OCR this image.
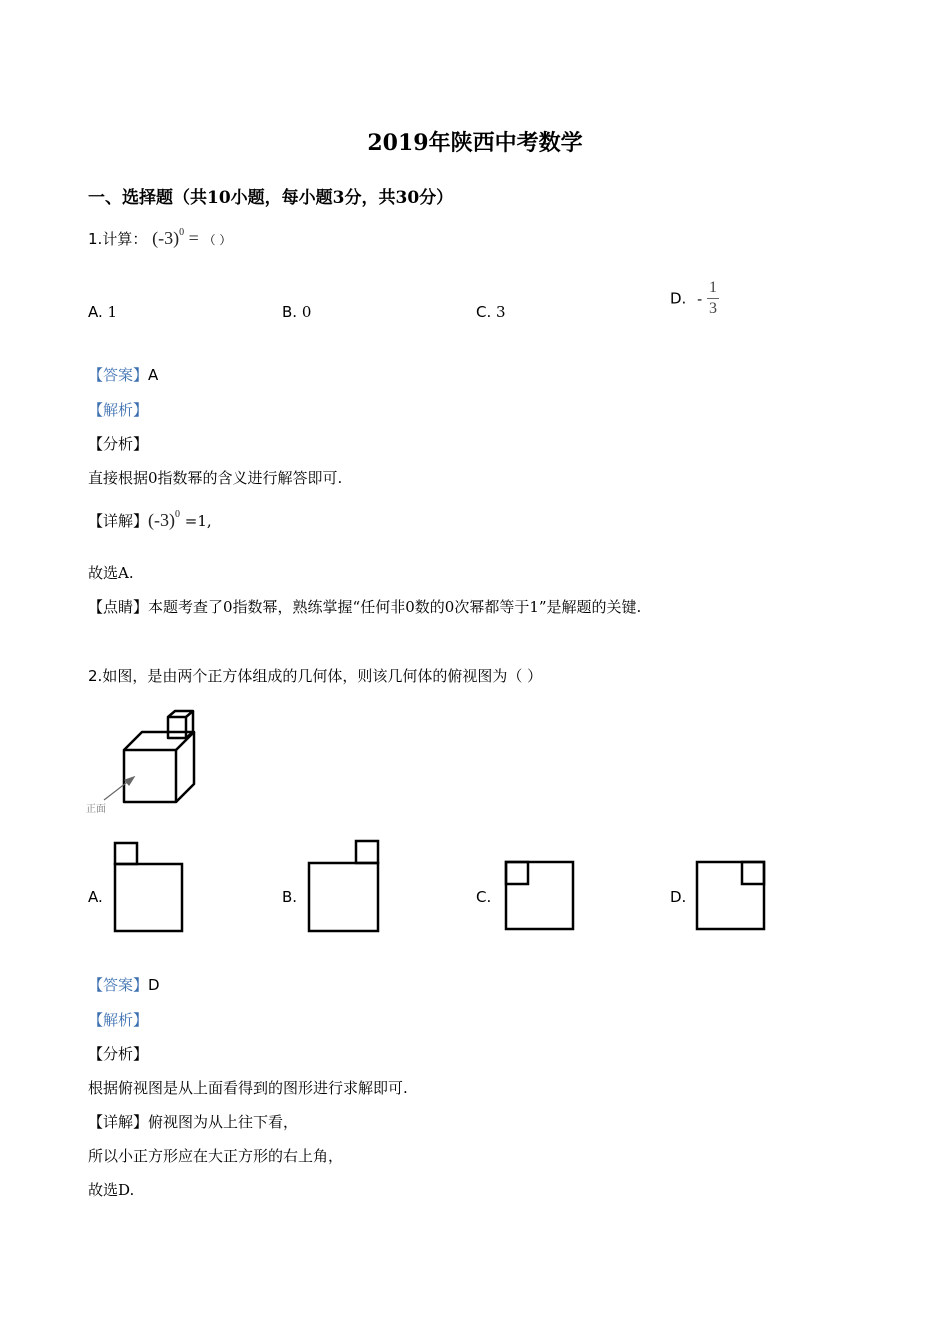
2019年陕西中考数学
一、选择题（共10小题，每小题3分，共30分）
1.计算： $(-3)^0$ = （ ）
A. 1	B. 0	C. 3
D. - $\frac{1}{3}$
【答案】A
【解析】
【分析】
直接根据0指数幂的含义进行解答即可.
【详解】$(-3)^0 =1$,
故选A.
【点睛】本题考查了0指数幂，熟练掌握“任何非0数的0次幂都等于1”是解题的关键.
2.如图，是由两个正方体组成的几何体，则该几何体的俯视图为（ ）
正面
A.	B.	C.	D.
【答案】D
【解析】
【分析】
根据俯视图是从上面看得到的图形进行求解即可.
【详解】俯视图为从上往下看，
所以小正方形应在大正方形的右上角，
故选D.
